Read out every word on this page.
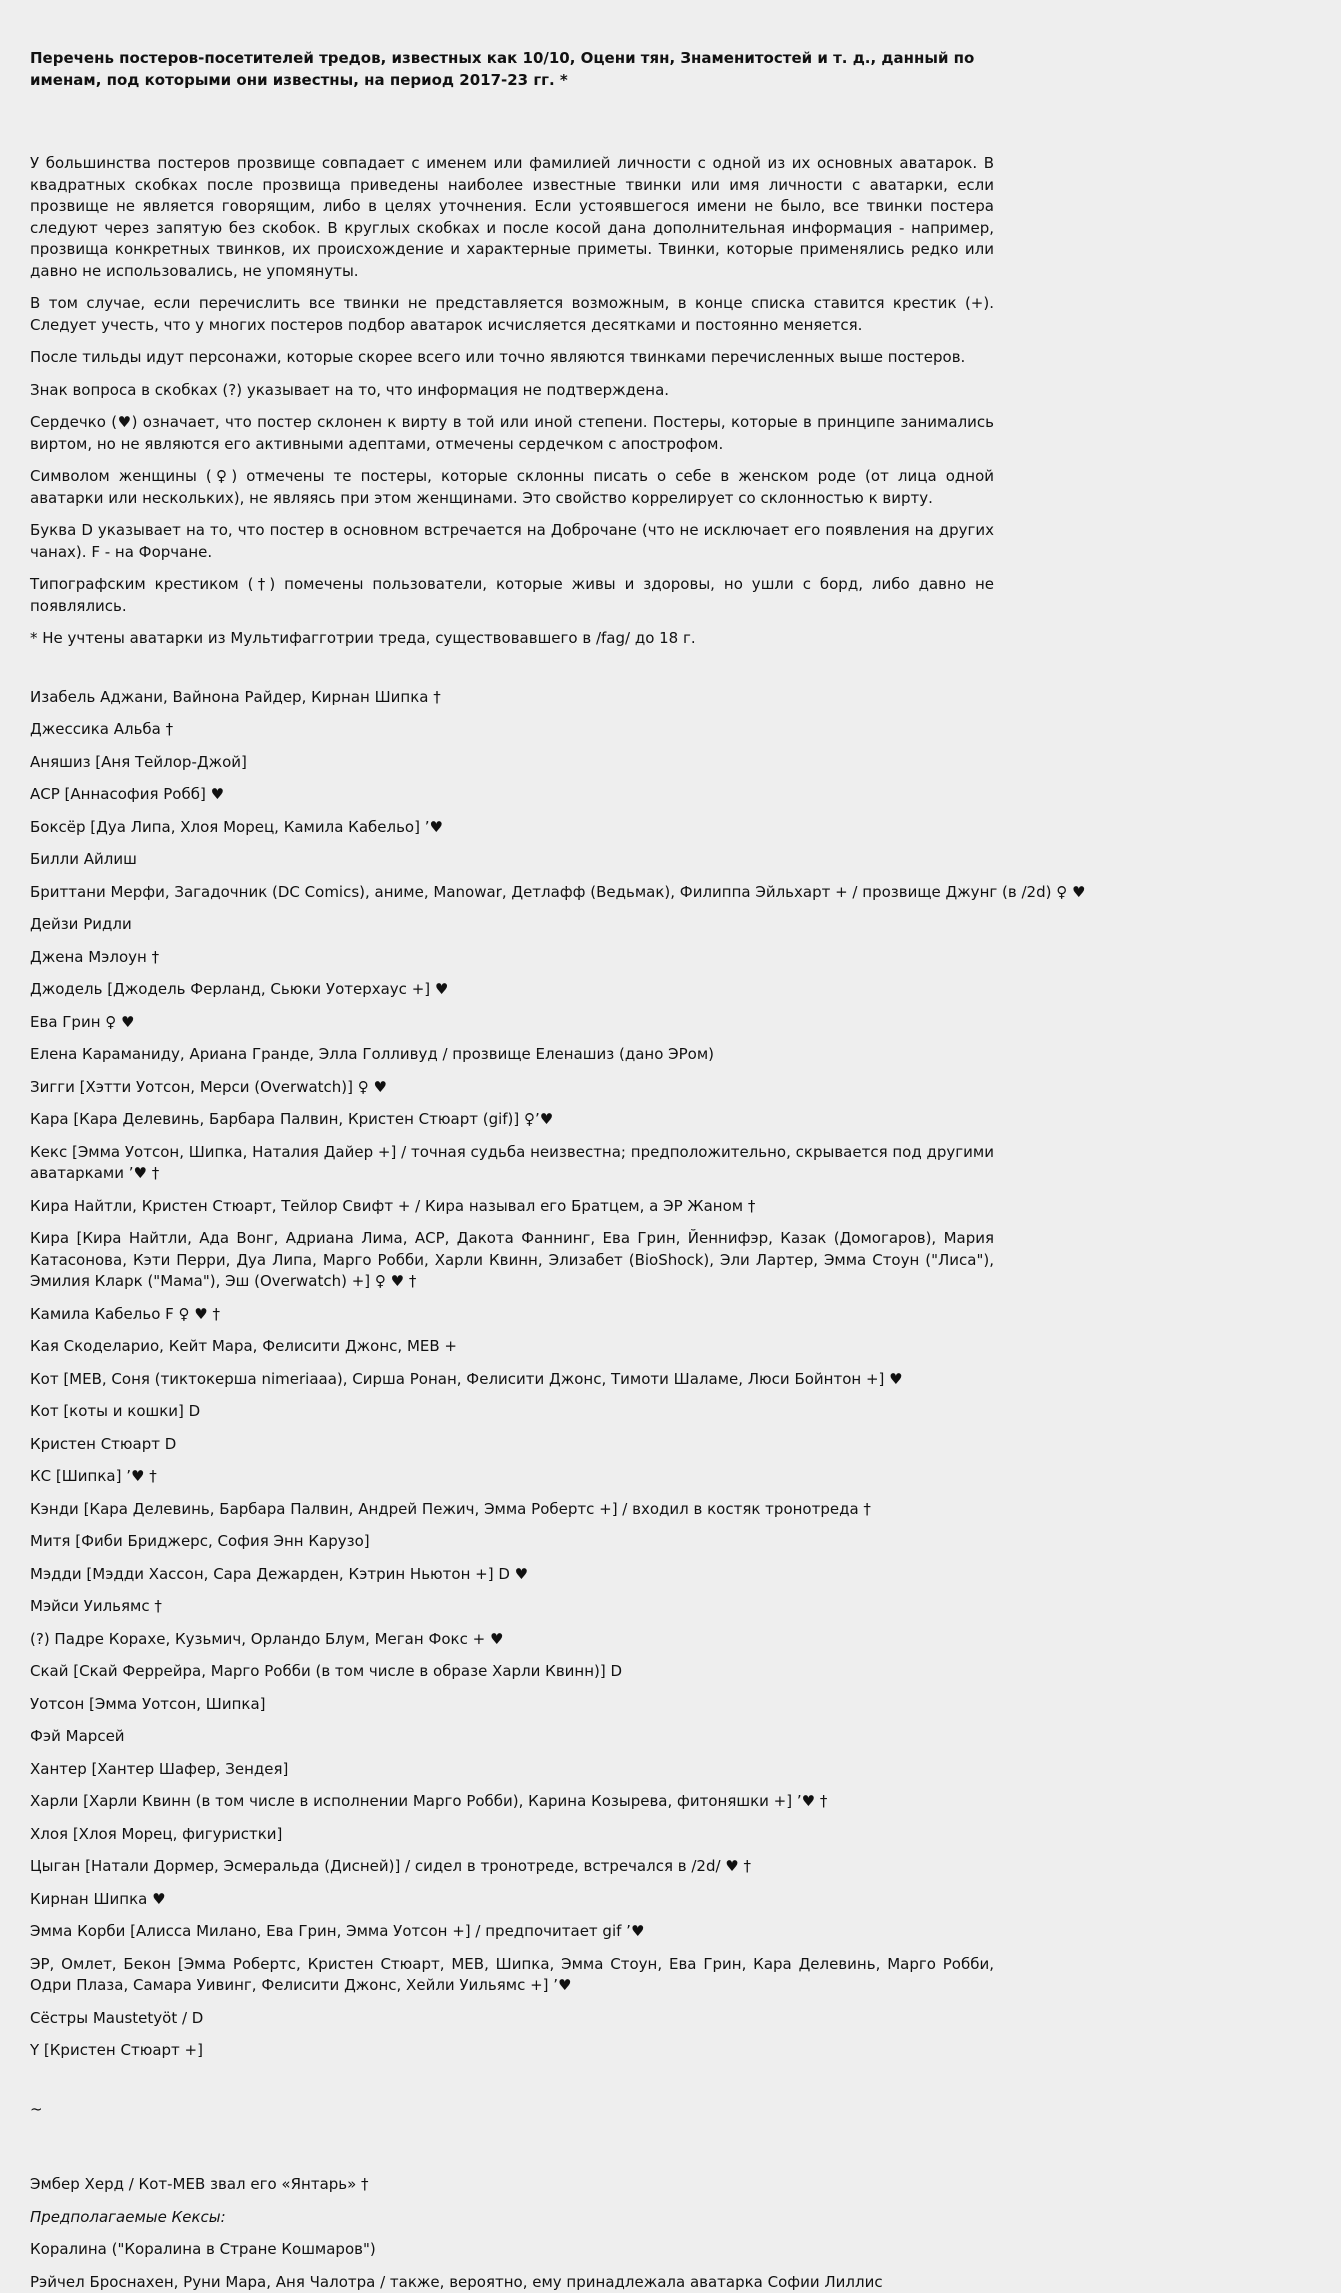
Перечень постеров-посетителей тредов, известных как 10/10, Оцени тян, Знаменитостей и т. д., данный по именам, под которыми они известны, на период 2017-23 гг. *

У большинства постеров прозвище совпадает с именем или фамилией личности с одной из их основных аватарок. В квадратных скобках после прозвища приведены наиболее известные твинки или имя личности с аватарки, если прозвище не является говорящим, либо в целях уточнения. Если устоявшегося имени не было, все твинки постера следуют через запятую без скобок. В круглых скобках и после косой дана дополнительная информация - например, прозвища конкретных твинков, их происхождение и характерные приметы. Твинки, которые применялись редко или давно не использовались, не упомянуты.

В том случае, если перечислить все твинки не представляется возможным, в конце списка ставится крестик (+). Следует учесть, что у многих постеров подбор аватарок исчисляется десятками и постоянно меняется.

После тильды идут персонажи, которые скорее всего или точно являются твинками перечисленных выше постеров.

Знак вопроса в скобках (?) указывает на то, что информация не подтверждена.

Сердечко (♥) означает, что постер склонен к вирту в той или иной степени. Постеры, которые в принципе занимались виртом, но не являются его активными адептами, отмечены сердечком с апострофом.

Символом женщины (♀) отмечены те постеры, которые склонны писать о себе в женском роде (от лица одной аватарки или нескольких), не являясь при этом женщинами. Это свойство коррелирует со склонностью к вирту.

Буква D указывает на то, что постер в основном встречается на Доброчане (что не исключает его появления на других чанах). F - на Форчане.

Типографским крестиком (†) помечены пользователи, которые живы и здоровы, но ушли с борд, либо давно не появлялись.

* Не учтены аватарки из Мультифагготрии треда, существовавшего в /fag/ до 18 г.

Изабель Аджани, Вайнона Райдер, Кирнан Шипка †

Джессика Альба †

Аняшиз [Аня Тейлор-Джой]

АСР [Аннасофия Робб] ♥

Боксёр [Дуа Липа, Хлоя Морец, Камила Кабельо] ʼ♥

Билли Айлиш

Бриттани Мерфи, Загадочник (DC Comics), аниме, Manowar, Детлафф (Ведьмак), Филиппа Эйльхарт + / прозвище Джунг (в /2d) ♀ ♥

Дейзи Ридли

Джена Мэлоун †

Джодель [Джодель Ферланд, Сьюки Уотерхаус +] ♥

Ева Грин ♀ ♥

Елена Караманиду, Ариана Гранде, Элла Голливуд / прозвище Еленашиз (дано ЭРом)

Зигги [Хэтти Уотсон, Мерси (Overwatch)] ♀ ♥

Кара [Кара Делевинь, Барбара Палвин, Кристен Стюарт (gif)] ♀ʼ♥

Кекс [Эмма Уотсон, Шипка, Наталия Дайер +] / точная судьба неизвестна; предположительно, скрывается под другими аватарками ʼ♥ †

Кира Найтли, Кристен Стюарт, Тейлор Свифт + / Кира называл его Братцем, а ЭР Жаном †

Кира [Кира Найтли, Ада Вонг, Адриана Лима, АСР, Дакота Фаннинг, Ева Грин, Йеннифэр, Казак (Домогаров), Мария Катасонова, Кэти Перри, Дуа Липа, Марго Робби, Харли Квинн, Элизабет (BioShock), Эли Лартер, Эмма Стоун ("Лиса"), Эмилия Кларк ("Мама"), Эш (Overwatch) +] ♀ ♥ †

Камила Кабельо F ♀ ♥ †

Кая Скоделарио, Кейт Мара, Фелисити Джонс, МЕВ +

Кот [МЕВ, Соня (тиктокерша nimeriaaa), Сирша Ронан, Фелисити Джонс, Тимоти Шаламе, Люси Бойнтон +] ♥

Кот [коты и кошки] D

Кристен Стюарт D

КС [Шипка] ʼ♥ †

Кэнди [Кара Делевинь, Барбара Палвин, Андрей Пежич, Эмма Робертс +] / входил в костяк тронотреда †

Митя [Фиби Бриджерс, София Энн Карузо]

Мэдди [Мэдди Хассон, Сара Дежарден, Кэтрин Ньютон +] D ♥

Мэйси Уильямс †

(?) Падре Корахе, Кузьмич, Орландо Блум, Меган Фокс + ♥

Скай [Скай Феррейра, Марго Робби (в том числе в образе Харли Квинн)] D

Уотсон [Эмма Уотсон, Шипка]

Фэй Марсей

Хантер [Хантер Шафер, Зендея]

Харли [Харли Квинн (в том числе в исполнении Марго Робби), Карина Козырева, фитоняшки +] ʼ♥ †

Хлоя [Хлоя Морец, фигуристки]

Цыган [Натали Дормер, Эсмеральда (Дисней)] / сидел в тронотреде, встречался в /2d/ ♥ †

Кирнан Шипка ♥

Эмма Корби [Алисса Милано, Ева Грин, Эмма Уотсон +] / предпочитает gif ʼ♥

ЭР, Омлет, Бекон [Эмма Робертс, Кристен Стюарт, МЕВ, Шипка, Эмма Стоун, Ева Грин, Кара Делевинь, Марго Робби, Одри Плаза, Самара Уивинг, Фелисити Джонс, Хейли Уильямс +] ʼ♥

Сёстры Maustetyöt / D

Y [Кристен Стюарт +]

~

Эмбер Херд / Кот-МЕВ звал его «Янтарь» †

Предполагаемые Кексы:

Коралина ("Коралина в Стране Кошмаров")

Рэйчел Броснахен, Руни Мара, Аня Чалотра / также, вероятно, ему принадлежала аватарка Софии Лиллис
